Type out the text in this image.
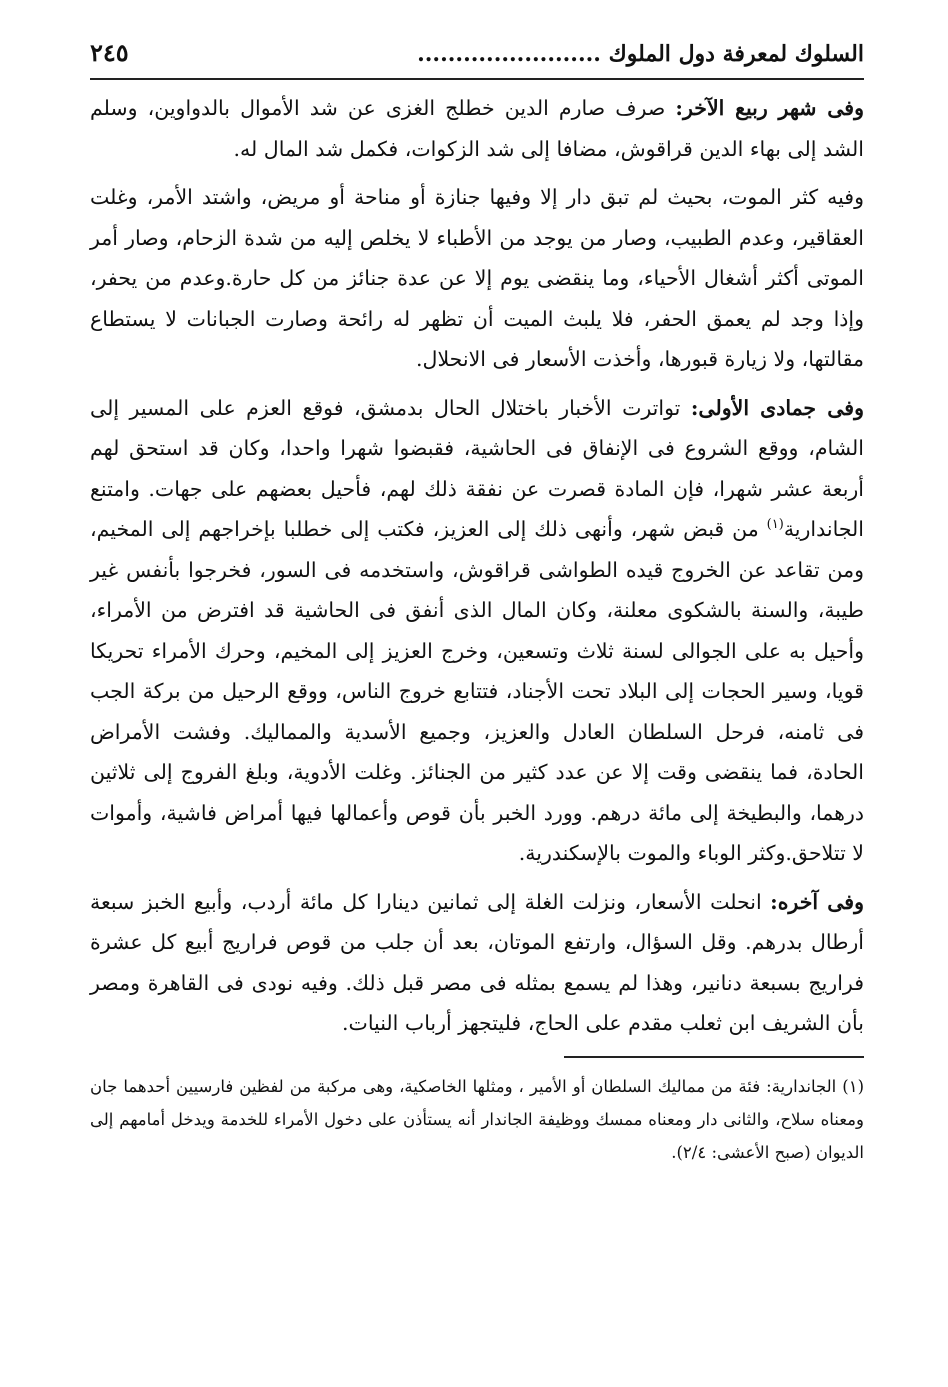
السلوك لمعرفة دول الملوك ........................
٢٤٥

وفى شهر ربيع الآخر: صرف صارم الدين خطلج الغزى عن شد الأموال بالدواوين، وسلم الشد إلى بهاء الدين قراقوش، مضافا إلى شد الزكوات، فكمل شد المال له.

وفيه كثر الموت، بحيث لم تبق دار إلا وفيها جنازة أو مناحة أو مريض، واشتد الأمر، وغلت العقاقير، وعدم الطبيب، وصار من يوجد من الأطباء لا يخلص إليه من شدة الزحام، وصار أمر الموتى أكثر أشغال الأحياء، وما ينقضى يوم إلا عن عدة جنائز من كل حارة.وعدم من يحفر، وإذا وجد لم يعمق الحفر، فلا يلبث الميت أن تظهر له رائحة وصارت الجبانات لا يستطاع مقالتها، ولا زيارة قبورها، وأخذت الأسعار فى الانحلال.

وفى جمادى الأولى: تواترت الأخبار باختلال الحال بدمشق، فوقع العزم على المسير إلى الشام، ووقع الشروع فى الإنفاق فى الحاشية، فقبضوا شهرا واحدا، وكان قد استحق لهم أربعة عشر شهرا، فإن المادة قصرت عن نفقة ذلك لهم، فأحيل بعضهم على جهات. وامتنع الجاندارية$^{(١)}$ من قبض شهر، وأنهى ذلك إلى العزيز، فكتب إلى خطلبا بإخراجهم إلى المخيم، ومن تقاعد عن الخروج قيده الطواشى قراقوش، واستخدمه فى السور، فخرجوا بأنفس غير طيبة، والسنة بالشكوى معلنة، وكان المال الذى أنفق فى الحاشية قد افترض من الأمراء، وأحيل به على الجوالى لسنة ثلاث وتسعين، وخرج العزيز إلى المخيم، وحرك الأمراء تحريكا قويا، وسير الحجات إلى البلاد تحت الأجناد، فتتابع خروج الناس، ووقع الرحيل من بركة الجب فى ثامنه، فرحل السلطان العادل والعزيز، وجميع الأسدية والمماليك. وفشت الأمراض الحادة، فما ينقضى وقت إلا عن عدد كثير من الجنائز. وغلت الأدوية، وبلغ الفروج إلى ثلاثين درهما، والبطيخة إلى مائة درهم. وورد الخبر بأن قوص وأعمالها فيها أمراض فاشية، وأموات لا تتلاحق.وكثر الوباء والموت بالإسكندرية.

وفى آخره: انحلت الأسعار، ونزلت الغلة إلى ثمانين دينارا كل مائة أردب، وأبيع الخبز سبعة أرطال بدرهم. وقل السؤال، وارتفع الموتان، بعد أن جلب من قوص فراريج أبيع كل عشرة فراريج بسبعة دنانير، وهذا لم يسمع بمثله فى مصر قبل ذلك. وفيه نودى فى القاهرة ومصر بأن الشريف ابن ثعلب مقدم على الحاج، فليتجهز أرباب النيات.

(١) الجاندارية: فئة من مماليك السلطان أو الأمير ، ومثلها الخاصكية، وهى مركبة من لفظين فارسيين أحدهما جان ومعناه سلاح، والثانى دار ومعناه ممسك ووظيفة الجاندار أنه يستأذن على دخول الأمراء للخدمة ويدخل أمامهم إلى الديوان (صبح الأعشى: ٢/٤).
